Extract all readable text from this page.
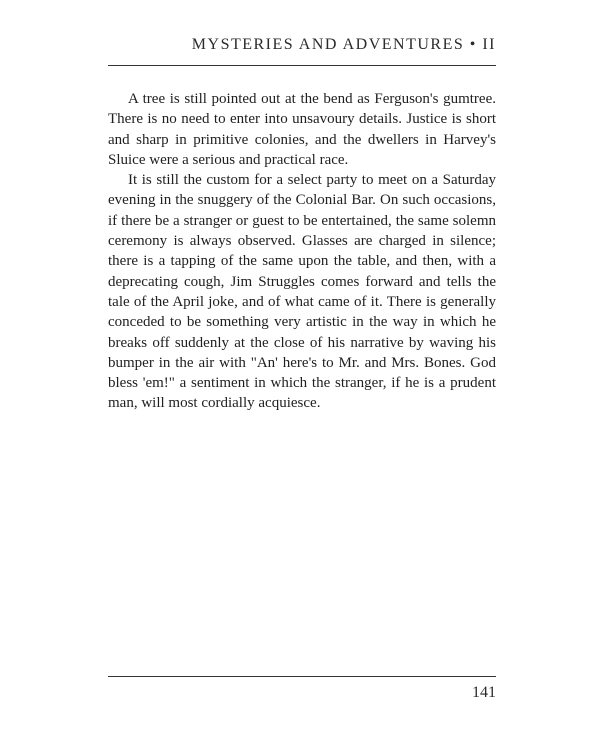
MYSTERIES AND ADVENTURES • II

A tree is still pointed out at the bend as Ferguson's gumtree. There is no need to enter into unsavoury details. Justice is short and sharp in primitive colonies, and the dwellers in Harvey's Sluice were a serious and practical race.

It is still the custom for a select party to meet on a Saturday evening in the snuggery of the Colonial Bar. On such occasions, if there be a stranger or guest to be entertained, the same solemn ceremony is always observed. Glasses are charged in silence; there is a tapping of the same upon the table, and then, with a deprecating cough, Jim Struggles comes forward and tells the tale of the April joke, and of what came of it. There is generally conceded to be something very artistic in the way in which he breaks off suddenly at the close of his narrative by waving his bumper in the air with "An' here's to Mr. and Mrs. Bones. God bless 'em!" a sentiment in which the stranger, if he is a prudent man, will most cordially acquiesce.

141
